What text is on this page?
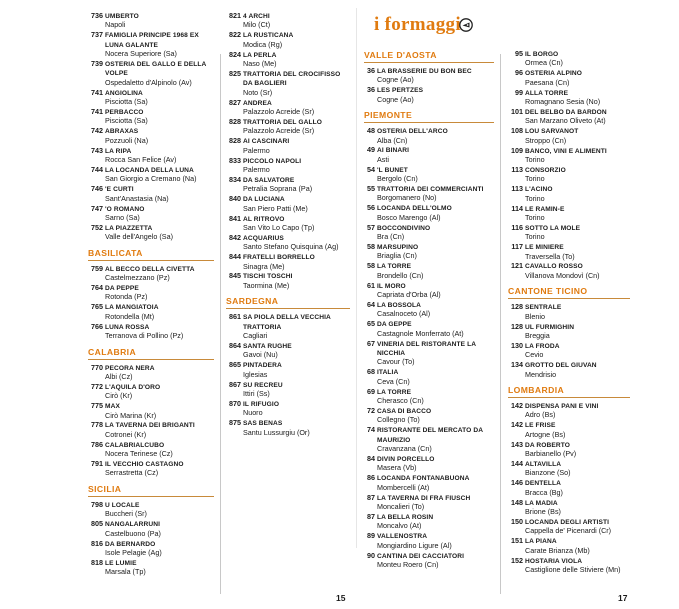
i formaggi
736 UMBERTO
Napoli
737 FAMIGLIA PRINCIPE 1968 EX LUNA GALANTE
Nocera Superiore (Sa)
739 OSTERIA DEL GALLO E DELLA VOLPE
Ospedaletto d'Alpinolo (Av)
741 ANGIOLINA
Pisciotta (Sa)
741 PERBACCO
Pisciotta (Sa)
742 ABRAXAS
Pozzuoli (Na)
743 LA RIPA
Rocca San Felice (Av)
744 LA LOCANDA DELLA LUNA
San Giorgio a Cremano (Na)
746 'E CURTI
Sant'Anastasia (Na)
747 'O ROMANO
Sarno (Sa)
752 LA PIAZZETTA
Valle dell'Angelo (Sa)
BASILICATA
759 AL BECCO DELLA CIVETTA
Castelmezzano (Pz)
764 DA PEPPE
Rotonda (Pz)
765 LA MANGIATOIA
Rotondella (Mt)
766 LUNA ROSSA
Terranova di Pollino (Pz)
CALABRIA
770 PECORA NERA
Albi (Cz)
772 L'AQUILA D'ORO
Cirò (Kr)
775 MAX
Cirò Marina (Kr)
778 LA TAVERNA DEI BRIGANTI
Cotronei (Kr)
786 CALABRIALCUBO
Nocera Terinese (Cz)
791 IL VECCHIO CASTAGNO
Serrastretta (Cz)
SICILIA
798 U LOCALE
Buccheri (Sr)
805 NANGALARRUNI
Castelbuono (Pa)
816 DA BERNARDO
Isole Pelagie (Ag)
818 LE LUMIE
Marsala (Tp)
821 4 ARCHI
Milo (Ct)
822 LA RUSTICANA
Modica (Rg)
824 LA PERLA
Naso (Me)
825 TRATTORIA DEL CROCIFISSO DA BAGLIERI
Noto (Sr)
827 ANDREA
Palazzolo Acreide (Sr)
828 TRATTORIA DEL GALLO
Palazzolo Acreide (Sr)
828 AI CASCINARI
Palermo
833 PICCOLO NAPOLI
Palermo
834 DA SALVATORE
Petralia Soprana (Pa)
840 DA LUCIANA
San Piero Patti (Me)
841 AL RITROVO
San Vito Lo Capo (Tp)
842 ACQUARIUS
Santo Stefano Quisquina (Ag)
844 FRATELLI BORRELLO
Sinagra (Me)
845 TISCHI TOSCHI
Taormina (Me)
SARDEGNA
861 SA PIOLA DELLA VECCHIA TRATTORIA
Cagliari
864 SANTA RUGHE
Gavoi (Nu)
865 PINTADERA
Iglesias
867 SU RECREU
Ittiri (Ss)
870 IL RIFUGIO
Nuoro
875 SAS BENAS
Santu Lussurgiu (Or)
VALLE D'AOSTA
36 LA BRASSERIE DU BON BEC
Cogne (Ao)
36 LES PERTZES
Cogne (Ao)
PIEMONTE
48 OSTERIA DELL'ARCO
Alba (Cn)
49 AI BINARI
Asti
54 'L BUNET
Bergolo (Cn)
55 TRATTORIA DEI COMMERCIANTI
Borgomanero (No)
56 LOCANDA DELL'OLMO
Bosco Marengo (Al)
57 BOCCONDIVINO
Bra (Cn)
58 MARSUPINO
Briaglia (Cn)
58 LA TORRE
Brondello (Cn)
61 IL MORO
Capriata d'Orba (Al)
64 LA BOSSOLA
Casalnoceto (Al)
65 DA GEPPE
Castagnole Monferrato (At)
67 VINERIA DEL RISTORANTE LA NICCHIA
Cavour (To)
68 ITALIA
Ceva (Cn)
69 LA TORRE
Cherasco (Cn)
72 CASA DI BACCO
Collegno (To)
74 RISTORANTE DEL MERCATO DA MAURIZIO
Cravanzana (Cn)
84 DIVIN PORCELLO
Masera (Vb)
86 LOCANDA FONTANABUONA
Mombercelli (At)
87 LA TAVERNA DI FRA FIUSCH
Moncalieri (To)
87 LA BELLA ROSIN
Moncalvo (At)
89 VALLENOSTRA
Mongiardino Ligure (Al)
90 CANTINA DEI CACCIATORI
Monteu Roero (Cn)
95 IL BORGO
Ormea (Cn)
96 OSTERIA ALPINO
Paesana (Cn)
99 ALLA TORRE
Romagnano Sesia (No)
101 DEL BELBO DA BARDON
San Marzano Oliveto (At)
108 LOU SARVANOT
Stroppo (Cn)
109 BANCO, VINI E ALIMENTI
Torino
113 CONSORZIO
Torino
113 L'ACINO
Torino
114 LE RAMIN-E
Torino
116 SOTTO LA MOLE
Torino
117 LE MINIERE
Traversella (To)
121 CAVALLO ROSSO
Villanova Mondovì (Cn)
CANTONE TICINO
128 SENTRALE
Blenio
128 UL FURMIGHIN
Breggia
130 LA FRODA
Cevio
134 GROTTO DEL GIUVAN
Mendrisio
LOMBARDIA
142 DISPENSA PANI E VINI
Adro (Bs)
142 LE FRISE
Artogne (Bs)
143 DA ROBERTO
Barbianello (Pv)
144 ALTAVILLA
Bianzone (So)
146 DENTELLA
Bracca (Bg)
148 LA MADIA
Brione (Bs)
150 LOCANDA DEGLI ARTISTI
Cappella de' Picenardi (Cr)
151 LA PIANA
Carate Brianza (Mb)
152 HOSTARIA VIOLA
Castiglione delle Stiviere (Mn)
15	17
